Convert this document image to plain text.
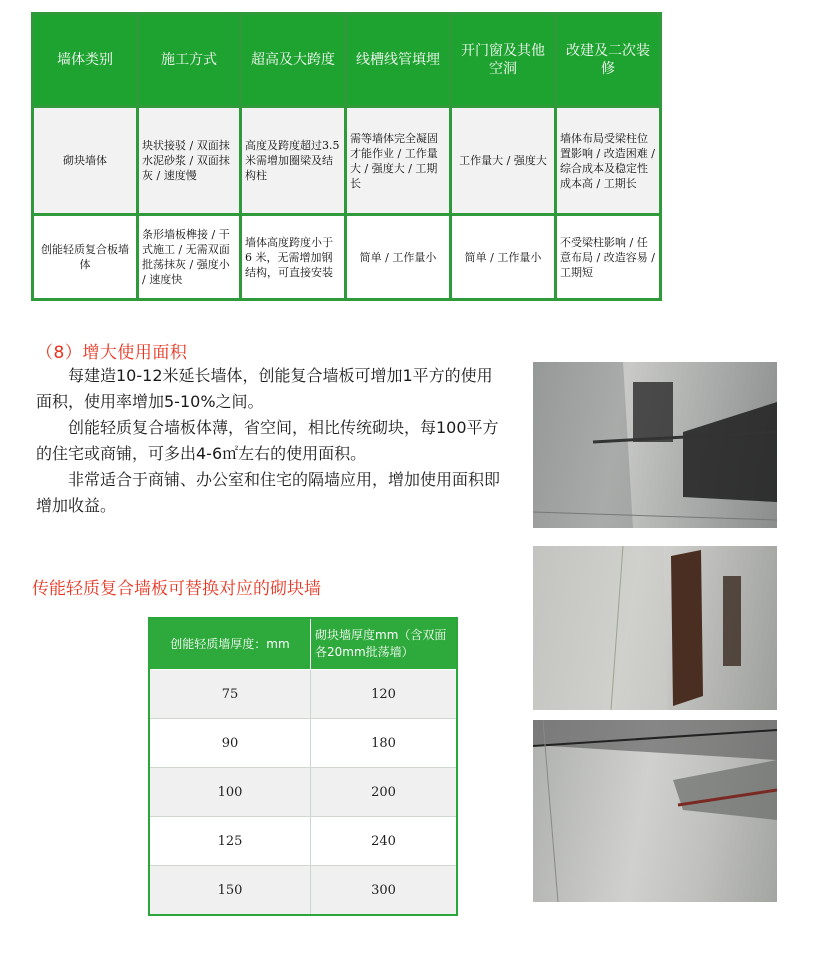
墙体类别	施工方式	超高及大跨度	线槽线管填埋	开门窗及其他空洞	改建及二次装修
砌块墙体	块状接驳 / 双面抹水泥砂浆 / 双面抹灰 / 速度慢	高度及跨度超过3.5 米需增加圈梁及结构柱	需等墙体完全凝固才能作业 / 工作量大 / 强度大 / 工期长	工作量大 / 强度大	墙体布局受梁柱位置影响 / 改造困难 / 综合成本及稳定性成本高 / 工期长
创能轻质复合板墙体	条形墙板榫接 / 干式施工 / 无需双面批荡抹灰 / 强度小 / 速度快	墙体高度跨度小于 6 米，无需增加钢结构，可直接安装	简单 / 工作量小	简单 / 工作量小	不受梁柱影响 / 任意布局 / 改造容易 / 工期短
（8）增大使用面积

每建造10-12米延长墙体，创能复合墙板可增加1平方的使用面积，使用率增加5-10%之间。

创能轻质复合墙板体薄，省空间，相比传统砌块，每100平方的住宅或商铺，可多出4-6㎡左右的使用面积。

非常适合于商铺、办公室和住宅的隔墙应用，增加使用面积即增加收益。

传能轻质复合墙板可替换对应的砌块墙
创能轻质墙厚度：mm	砌块墙厚度mm（含双面各20mm批荡墙）
75	120
90	180
100	200
125	240
150	300
